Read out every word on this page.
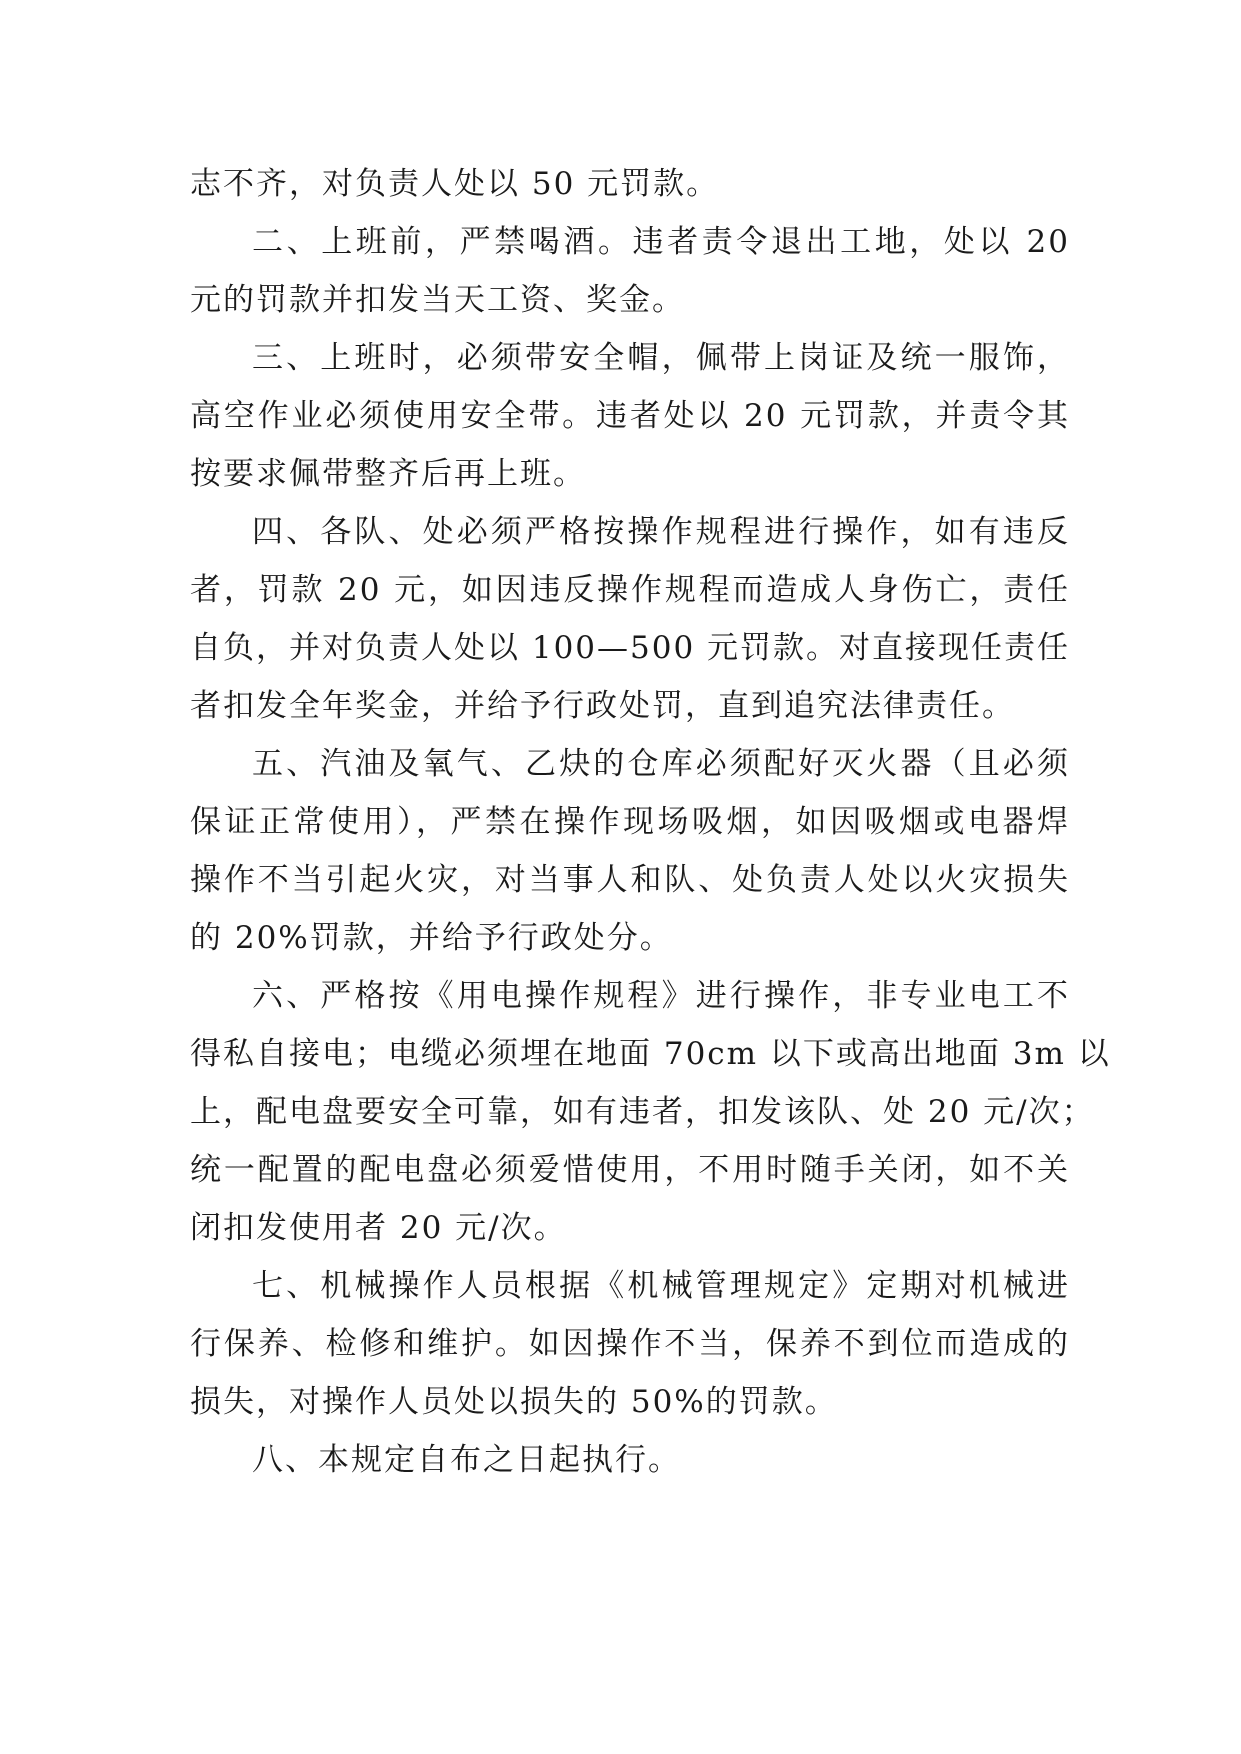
志不齐，对负责人处以 50 元罚款。
二、上班前，严禁喝酒。违者责令退出工地，处以 20
元的罚款并扣发当天工资、奖金。
三、上班时，必须带安全帽，佩带上岗证及统一服饰，
高空作业必须使用安全带。违者处以 20 元罚款，并责令其
按要求佩带整齐后再上班。
四、各队、处必须严格按操作规程进行操作，如有违反
者，罚款 20 元，如因违反操作规程而造成人身伤亡，责任
自负，并对负责人处以 100—500 元罚款。对直接现任责任
者扣发全年奖金，并给予行政处罚，直到追究法律责任。
五、汽油及氧气、乙炔的仓库必须配好灭火器（且必须
保证正常使用），严禁在操作现场吸烟，如因吸烟或电器焊
操作不当引起火灾，对当事人和队、处负责人处以火灾损失
的 20%罚款，并给予行政处分。
六、严格按《用电操作规程》进行操作，非专业电工不
得私自接电；电缆必须埋在地面 70cm 以下或高出地面 3m 以
上，配电盘要安全可靠，如有违者，扣发该队、处 20 元/次；
统一配置的配电盘必须爱惜使用，不用时随手关闭，如不关
闭扣发使用者 20 元/次。
七、机械操作人员根据《机械管理规定》定期对机械进
行保养、检修和维护。如因操作不当，保养不到位而造成的
损失，对操作人员处以损失的 50%的罚款。
八、本规定自布之日起执行。
